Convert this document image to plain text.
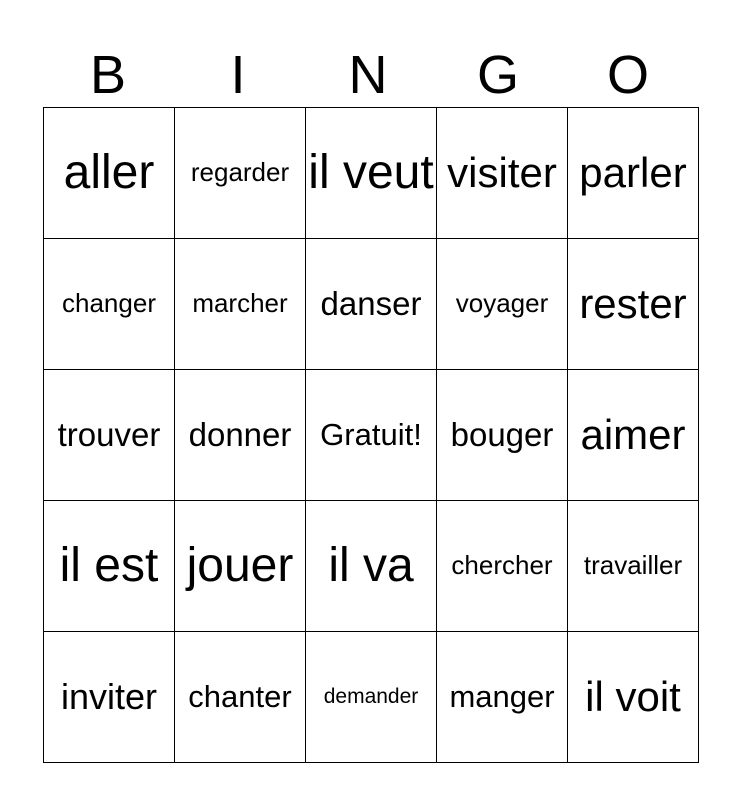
B	I	N	G	O
aller	regarder	il veut	visiter	parler
changer	marcher	danser	voyager	rester
trouver	donner	Gratuit!	bouger	aimer
il est	jouer	il va	chercher	travailler
inviter	chanter	demander	manger	il voit
